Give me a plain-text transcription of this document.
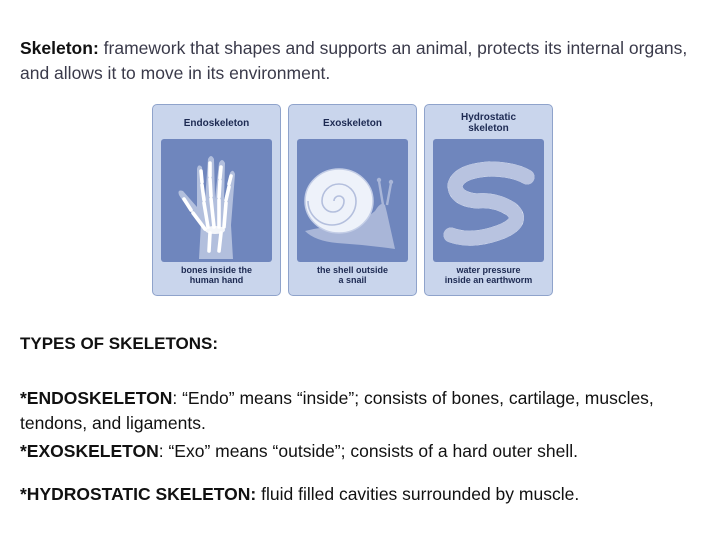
Skeleton: framework that shapes and supports an animal, protects its internal organs, and allows it to move in its environment.

Endoskeleton
bones inside the
human hand
Exoskeleton
the shell outside
a snail
Hydrostatic
skeleton
water pressure
inside an earthworm
TYPES OF SKELETONS:

*ENDOSKELETON: “Endo” means “inside”; consists of bones, cartilage, muscles, tendons, and ligaments.

*EXOSKELETON: “Exo” means “outside”; consists of a hard outer shell.

*HYDROSTATIC SKELETON: fluid filled cavities surrounded by muscle.
